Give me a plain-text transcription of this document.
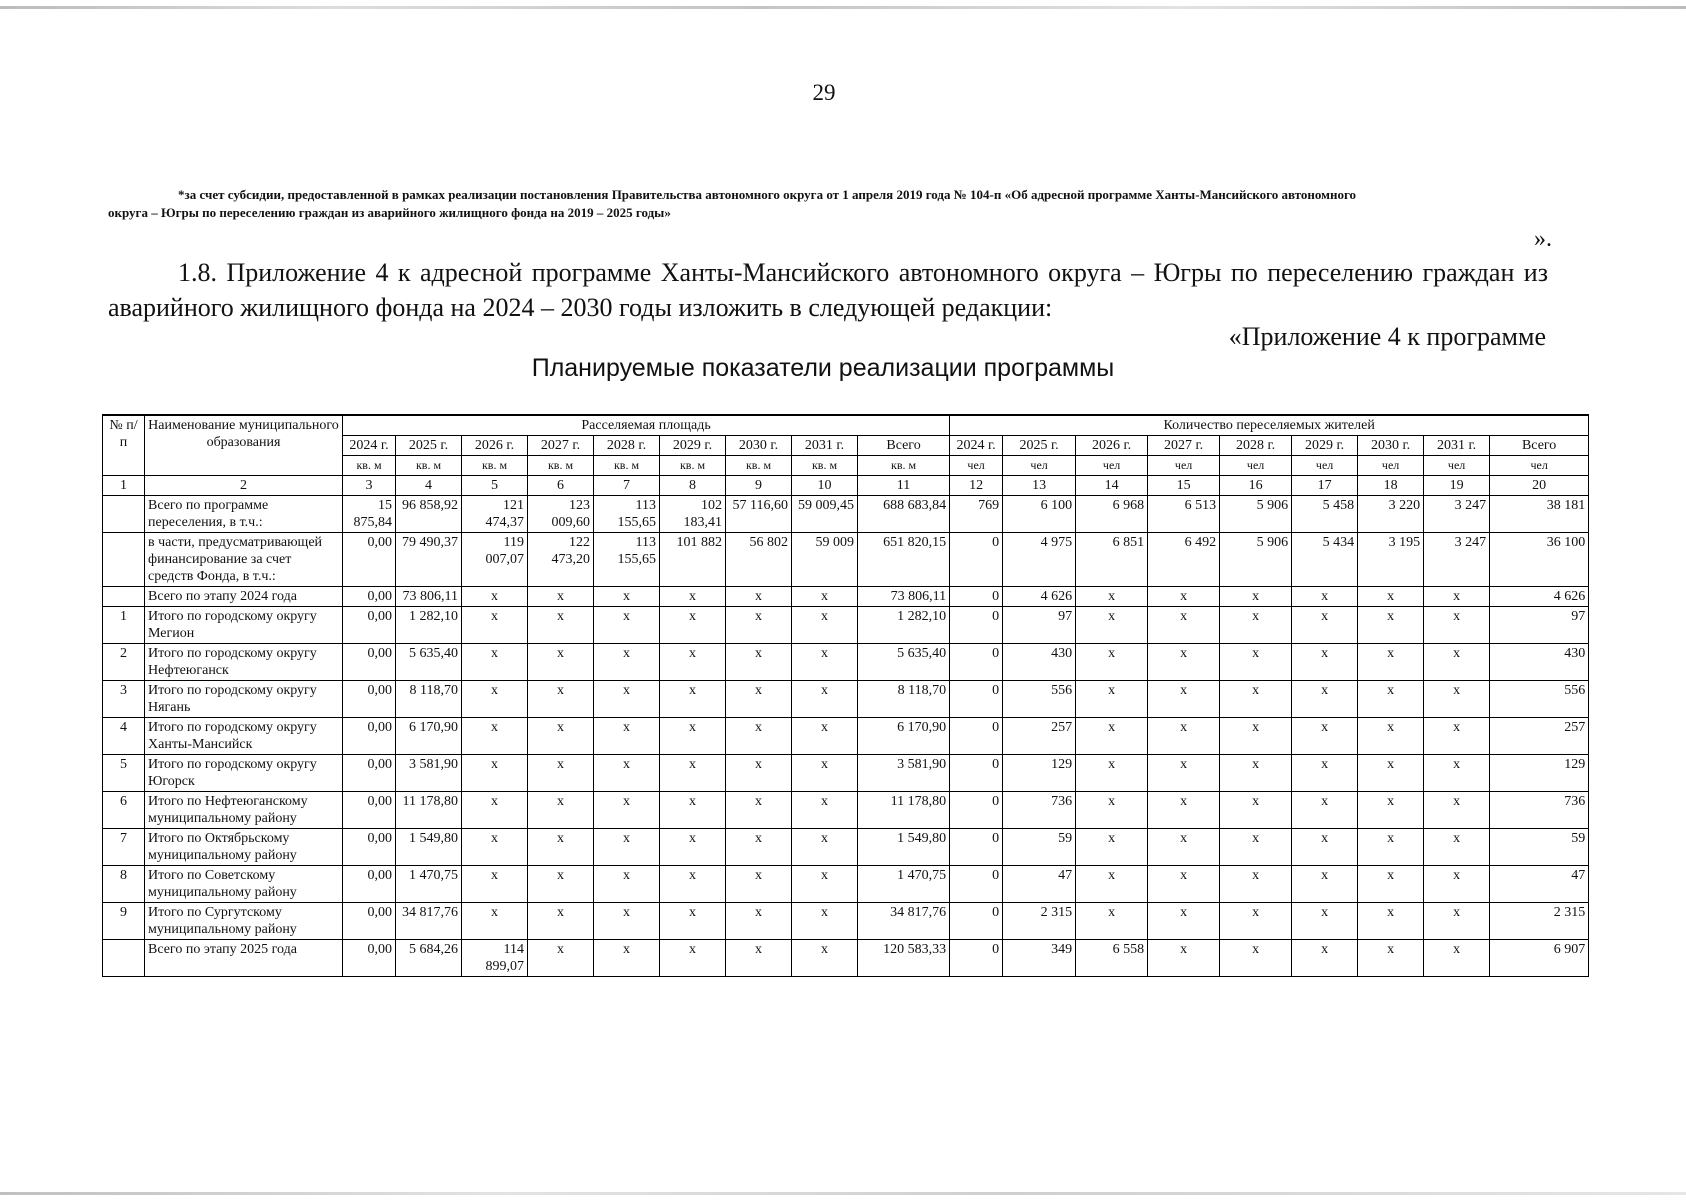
29
*за счет субсидии, предоставленной в рамках реализации постановления Правительства автономного округа от 1 апреля 2019 года № 104-п «Об адресной программе Ханты-Мансийского автономного
округа – Югры по переселению граждан из аварийного жилищного фонда на 2019 – 2025 годы»
».
1.8. Приложение 4 к адресной программе Ханты-Мансийского автономного округа – Югры по переселению граждан из аварийного жилищного фонда на 2024 – 2030 годы изложить в следующей редакции:
«Приложение 4 к программе
Планируемые показатели реализации программы
№ п/п	Наименование муниципального образования	Расселяемая площадь									Количество переселяемых жителей								
		2024 г.	2025 г.	2026 г.	2027 г.	2028 г.	2029 г.	2030 г.	2031 г.	Всего	2024 г.	2025 г.	2026 г.	2027 г.	2028 г.	2029 г.	2030 г.	2031 г.	Всего
		кв. м	кв. м	кв. м	кв. м	кв. м	кв. м	кв. м	кв. м	кв. м	чел	чел	чел	чел	чел	чел	чел	чел	чел
1	2	3	4	5	6	7	8	9	10	11	12	13	14	15	16	17	18	19	20
	Всего по программе переселения, в т.ч.:	15 875,84	96 858,92	121 474,37	123 009,60	113 155,65	102 183,41	57 116,60	59 009,45	688 683,84	769	6 100	6 968	6 513	5 906	5 458	3 220	3 247	38 181
	в части, предусматривающей финансирование за счет средств Фонда, в т.ч.:	0,00	79 490,37	119 007,07	122 473,20	113 155,65	101 882	56 802	59 009	651 820,15	0	4 975	6 851	6 492	5 906	5 434	3 195	3 247	36 100
	Всего по этапу 2024 года	0,00	73 806,11	x	x	x	x	x	x	73 806,11	0	4 626	x	x	x	x	x	x	4 626
1	Итого по городскому округу Мегион	0,00	1 282,10	x	x	x	x	x	x	1 282,10	0	97	x	x	x	x	x	x	97
2	Итого по городскому округу Нефтеюганск	0,00	5 635,40	x	x	x	x	x	x	5 635,40	0	430	x	x	x	x	x	x	430
3	Итого по городскому округу Нягань	0,00	8 118,70	x	x	x	x	x	x	8 118,70	0	556	x	x	x	x	x	x	556
4	Итого по городскому округу Ханты-Мансийск	0,00	6 170,90	x	x	x	x	x	x	6 170,90	0	257	x	x	x	x	x	x	257
5	Итого по городскому округу Югорск	0,00	3 581,90	x	x	x	x	x	x	3 581,90	0	129	x	x	x	x	x	x	129
6	Итого по Нефтеюганскому муниципальному району	0,00	11 178,80	x	x	x	x	x	x	11 178,80	0	736	x	x	x	x	x	x	736
7	Итого по Октябрьскому муниципальному району	0,00	1 549,80	x	x	x	x	x	x	1 549,80	0	59	x	x	x	x	x	x	59
8	Итого по Советскому муниципальному району	0,00	1 470,75	x	x	x	x	x	x	1 470,75	0	47	x	x	x	x	x	x	47
9	Итого по Сургутскому муниципальному району	0,00	34 817,76	x	x	x	x	x	x	34 817,76	0	2 315	x	x	x	x	x	x	2 315
	Всего по этапу 2025 года	0,00	5 684,26	114 899,07	x	x	x	x	x	120 583,33	0	349	6 558	x	x	x	x	x	6 907
